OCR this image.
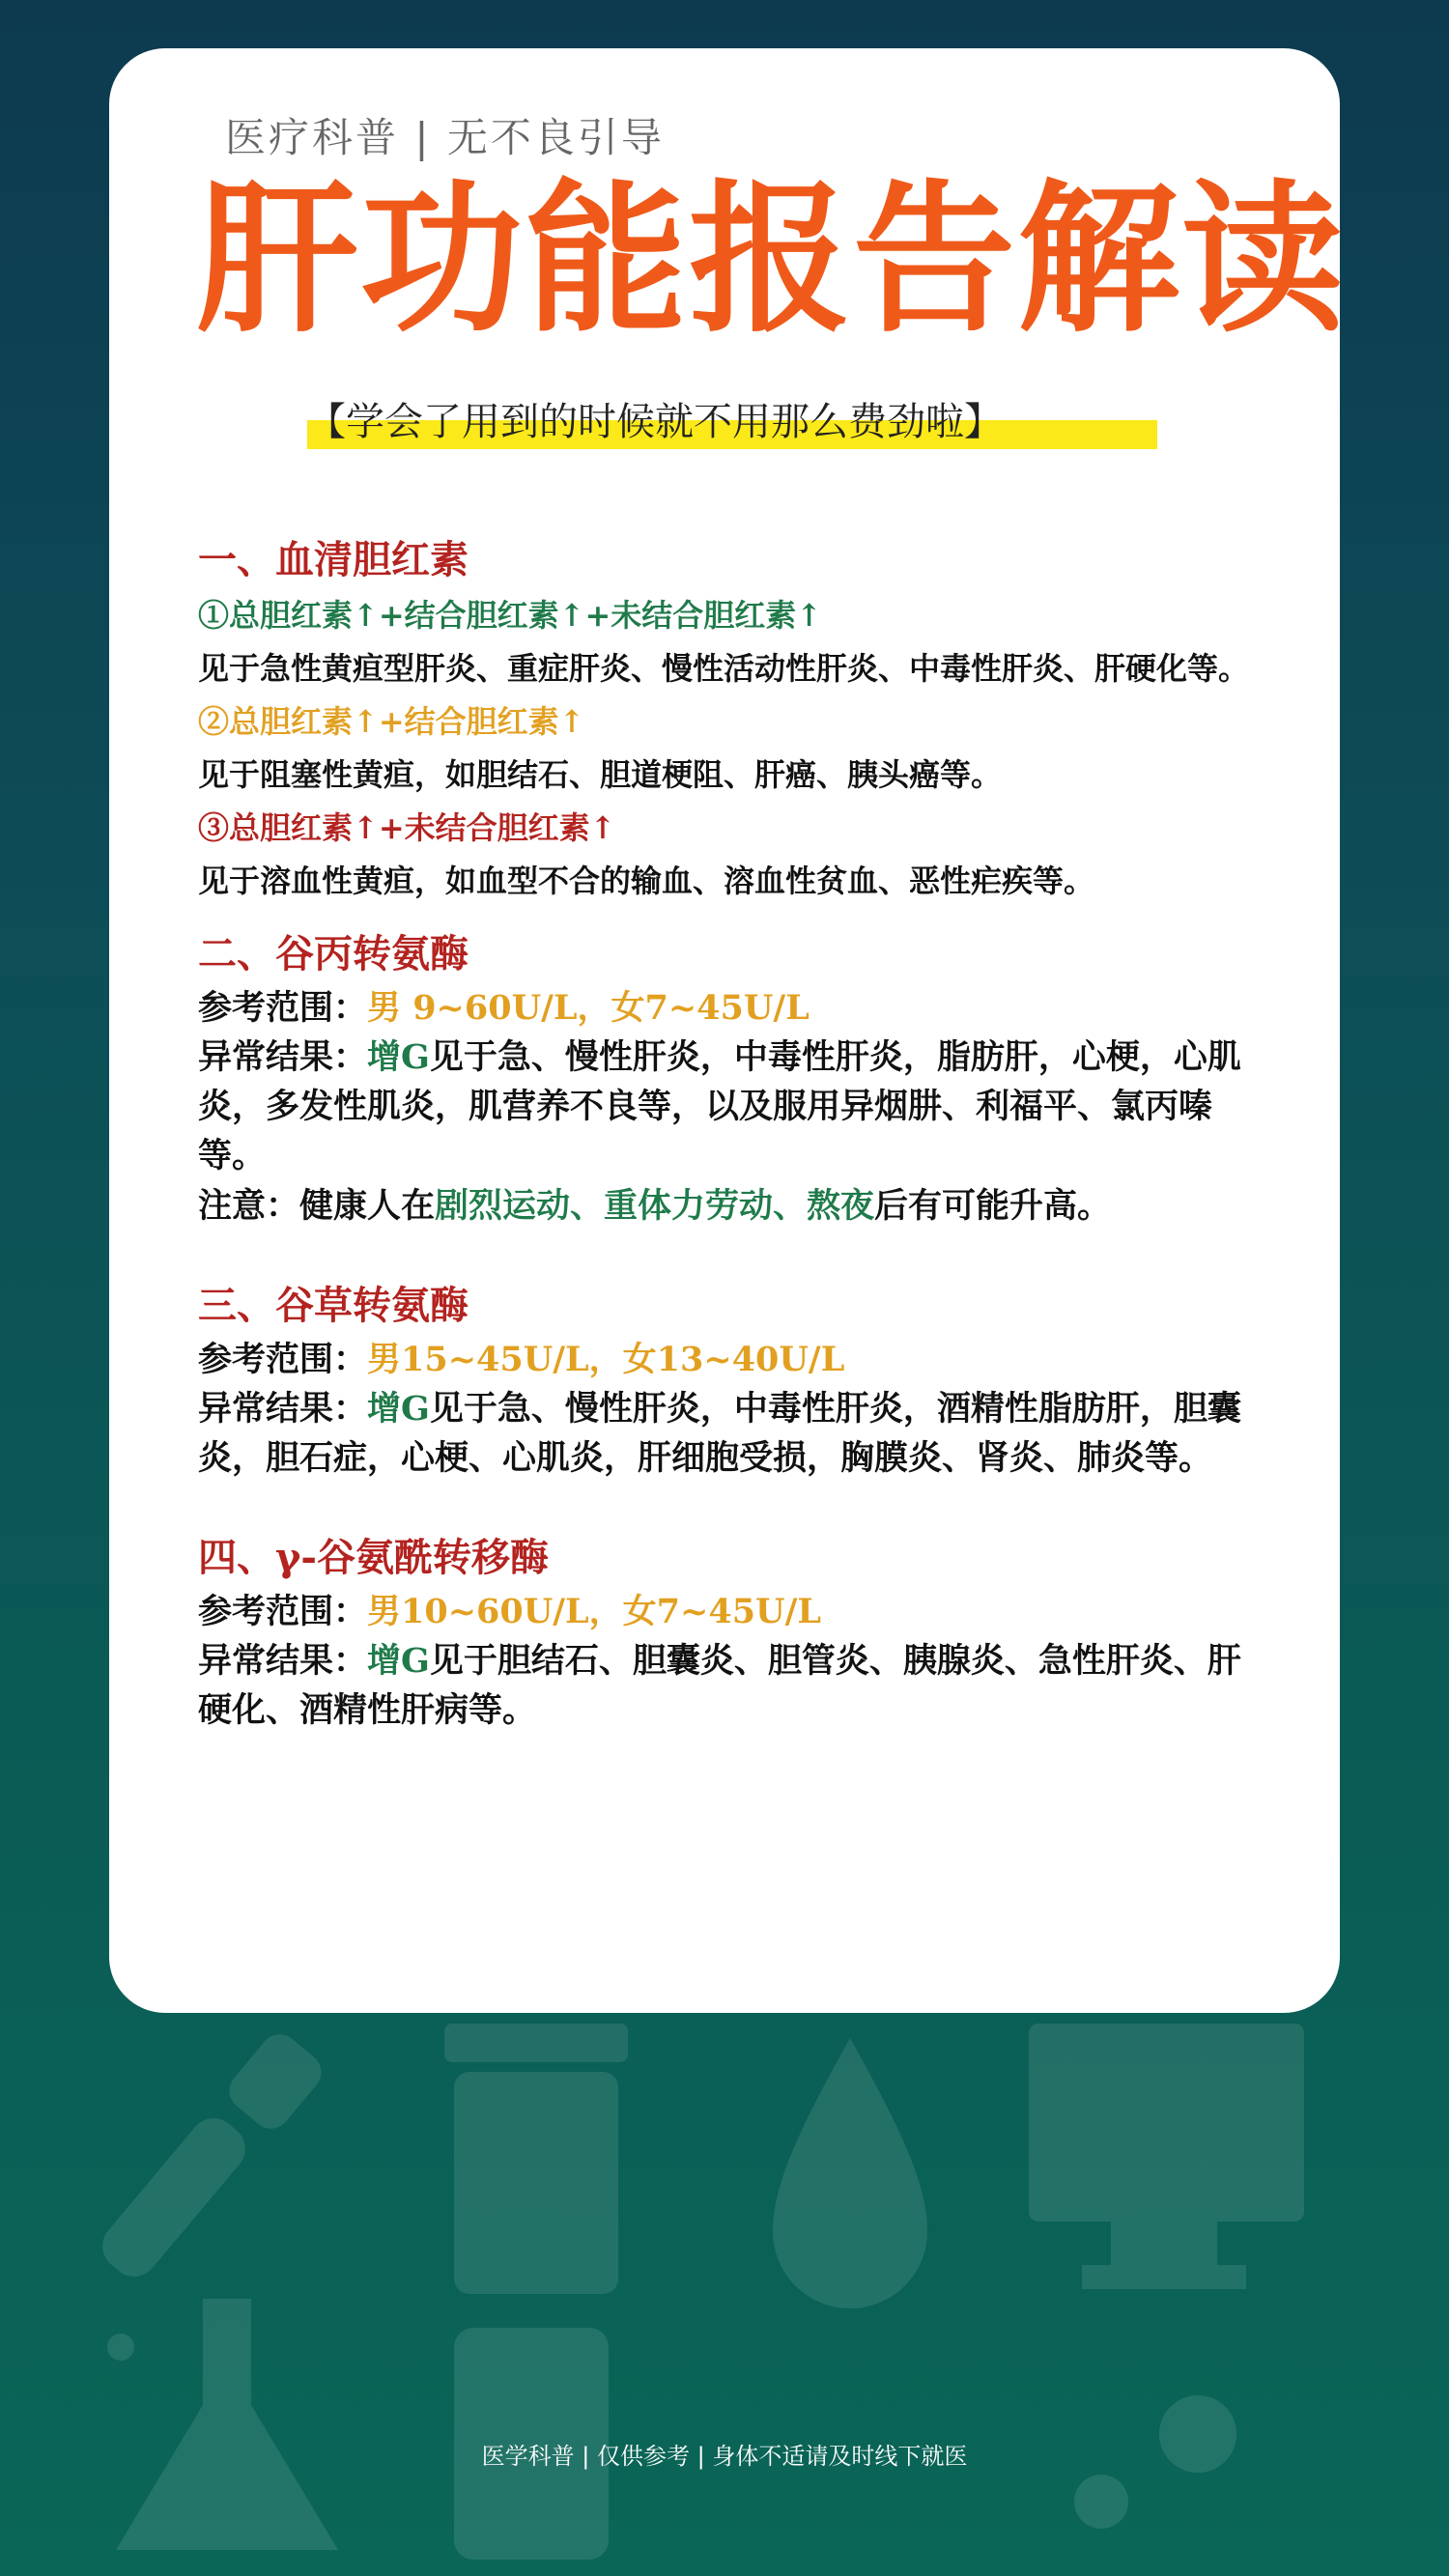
医疗科普 | 无不良引导
肝功能报告解读
【学会了用到的时候就不用那么费劲啦】
一、血清胆红素
①总胆红素↑+结合胆红素↑+未结合胆红素↑
见于急性黄疸型肝炎、重症肝炎、慢性活动性肝炎、中毒性肝炎、肝硬化等。
②总胆红素↑+结合胆红素↑
见于阻塞性黄疸，如胆结石、胆道梗阻、肝癌、胰头癌等。
③总胆红素↑+未结合胆红素↑
见于溶血性黄疸，如血型不合的输血、溶血性贫血、恶性疟疾等。
二、谷丙转氨酶
参考范围：男 9~60U/L，女7~45U/L
异常结果：增G见于急、慢性肝炎，中毒性肝炎，脂肪肝，心梗，心肌炎，多发性肌炎，肌营养不良等，以及服用异烟肼、利福平、氯丙嗪等。
注意：健康人在剧烈运动、重体力劳动、熬夜后有可能升高。
三、谷草转氨酶
参考范围：男15~45U/L，女13~40U/L
异常结果：增G见于急、慢性肝炎，中毒性肝炎，酒精性脂肪肝，胆囊炎，胆石症，心梗、心肌炎，肝细胞受损，胸膜炎、肾炎、肺炎等。
四、γ-谷氨酰转移酶
参考范围：男10~60U/L，女7~45U/L
异常结果：增G见于胆结石、胆囊炎、胆管炎、胰腺炎、急性肝炎、肝硬化、酒精性肝病等。
医学科普 | 仅供参考 | 身体不适请及时线下就医
